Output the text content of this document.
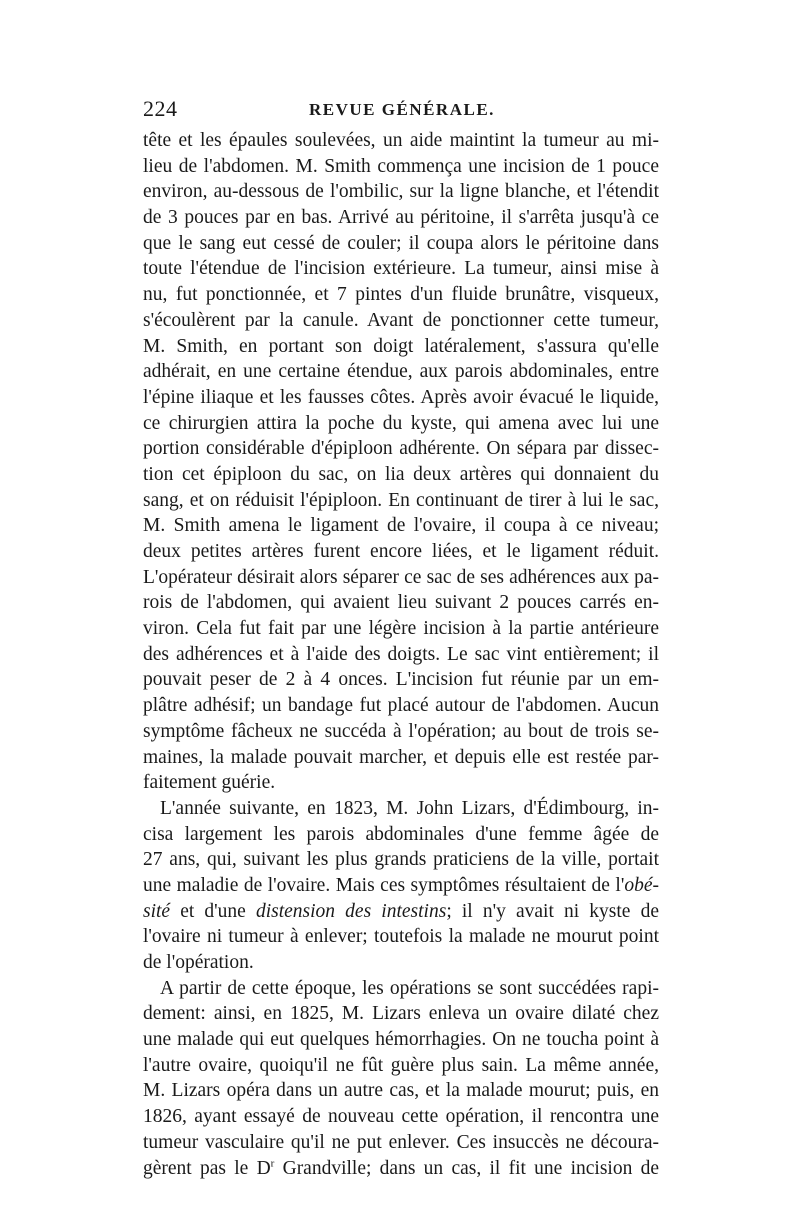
224	REVUE GÉNÉRALE.
tête et les épaules soulevées, un aide maintint la tumeur au mi-
lieu de l'abdomen. M. Smith commença une incision de 1 pouce
environ, au-dessous de l'ombilic, sur la ligne blanche, et l'étendit
de 3 pouces par en bas. Arrivé au péritoine, il s'arrêta jusqu'à ce
que le sang eut cessé de couler; il coupa alors le péritoine dans
toute l'étendue de l'incision extérieure. La tumeur, ainsi mise à
nu, fut ponctionnée, et 7 pintes d'un fluide brunâtre, visqueux,
s'écoulèrent par la canule. Avant de ponctionner cette tumeur,
M. Smith, en portant son doigt latéralement, s'assura qu'elle
adhérait, en une certaine étendue, aux parois abdominales, entre
l'épine iliaque et les fausses côtes. Après avoir évacué le liquide,
ce chirurgien attira la poche du kyste, qui amena avec lui une
portion considérable d'épiploon adhérente. On sépara par dissec-
tion cet épiploon du sac, on lia deux artères qui donnaient du
sang, et on réduisit l'épiploon. En continuant de tirer à lui le sac,
M. Smith amena le ligament de l'ovaire, il coupa à ce niveau;
deux petites artères furent encore liées, et le ligament réduit.
L'opérateur désirait alors séparer ce sac de ses adhérences aux pa-
rois de l'abdomen, qui avaient lieu suivant 2 pouces carrés en-
viron. Cela fut fait par une légère incision à la partie antérieure
des adhérences et à l'aide des doigts. Le sac vint entièrement; il
pouvait peser de 2 à 4 onces. L'incision fut réunie par un em-
plâtre adhésif; un bandage fut placé autour de l'abdomen. Aucun
symptôme fâcheux ne succéda à l'opération; au bout de trois se-
maines, la malade pouvait marcher, et depuis elle est restée par-
faitement guérie.
L'année suivante, en 1823, M. John Lizars, d'Édimbourg, in-
cisa largement les parois abdominales d'une femme âgée de
27 ans, qui, suivant les plus grands praticiens de la ville, portait
une maladie de l'ovaire. Mais ces symptômes résultaient de l'obé-
sité et d'une distension des intestins; il n'y avait ni kyste de
l'ovaire ni tumeur à enlever; toutefois la malade ne mourut point
de l'opération.
A partir de cette époque, les opérations se sont succédées rapi-
dement: ainsi, en 1825, M. Lizars enleva un ovaire dilaté chez
une malade qui eut quelques hémorrhagies. On ne toucha point à
l'autre ovaire, quoiqu'il ne fût guère plus sain. La même année,
M. Lizars opéra dans un autre cas, et la malade mourut; puis, en
1826, ayant essayé de nouveau cette opération, il rencontra une
tumeur vasculaire qu'il ne put enlever. Ces insuccès ne découra-
gèrent pas le $D^r$ Grandville; dans un cas, il fit une incision de
